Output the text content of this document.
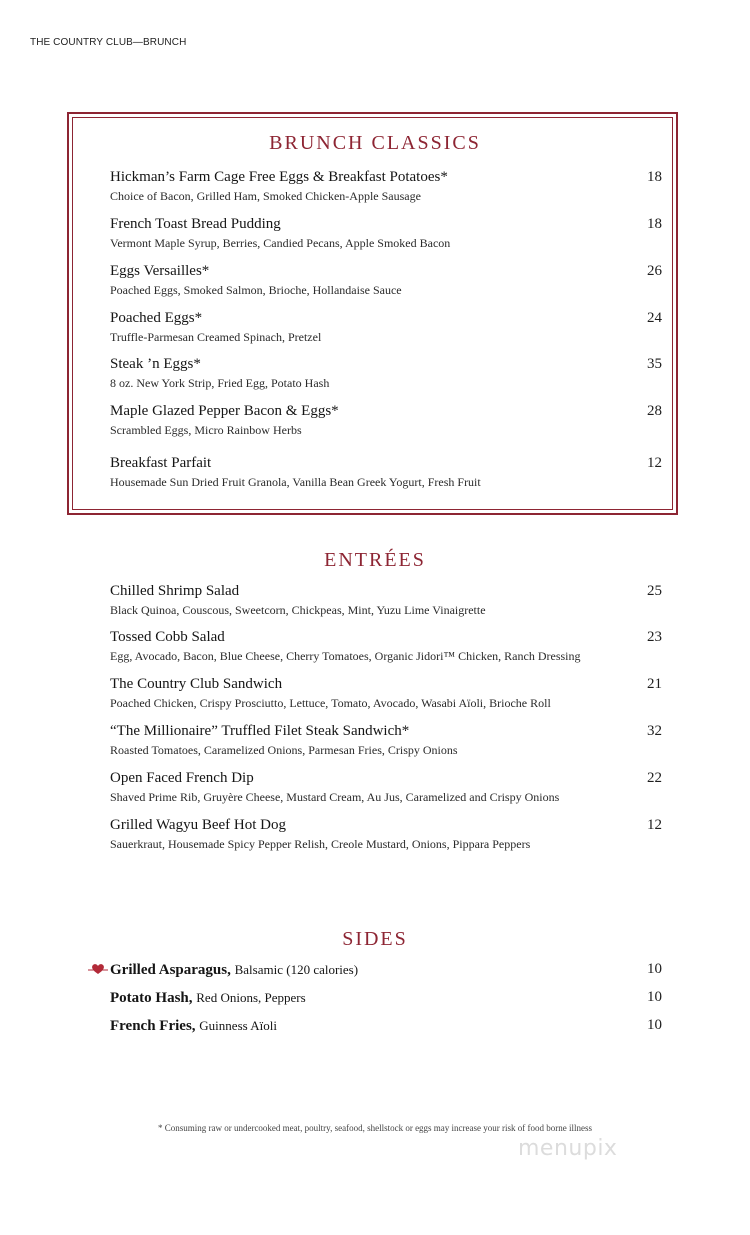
THE COUNTRY CLUB—BRUNCH
BRUNCH CLASSICS
Hickman’s Farm Cage Free Eggs & Breakfast Potatoes*
Choice of Bacon, Grilled Ham, Smoked Chicken-Apple Sausage
18
French Toast Bread Pudding
Vermont Maple Syrup, Berries, Candied Pecans, Apple Smoked Bacon
18
Eggs Versailles*
Poached Eggs, Smoked Salmon, Brioche, Hollandaise Sauce
26
Poached Eggs*
Truffle-Parmesan Creamed Spinach, Pretzel
24
Steak ’n Eggs*
8 oz. New York Strip, Fried Egg, Potato Hash
35
Maple Glazed Pepper Bacon & Eggs*
Scrambled Eggs, Micro Rainbow Herbs
28
Breakfast Parfait
Housemade Sun Dried Fruit Granola, Vanilla Bean Greek Yogurt, Fresh Fruit
12
ENTRÉES
Chilled Shrimp Salad
Black Quinoa, Couscous, Sweetcorn, Chickpeas, Mint, Yuzu Lime Vinaigrette
25
Tossed Cobb Salad
Egg, Avocado, Bacon, Blue Cheese, Cherry Tomatoes, Organic Jidori™ Chicken, Ranch Dressing
23
The Country Club Sandwich
Poached Chicken, Crispy Prosciutto, Lettuce, Tomato, Avocado, Wasabi Aïoli, Brioche Roll
21
“The Millionaire” Truffled Filet Steak Sandwich*
Roasted Tomatoes, Caramelized Onions, Parmesan Fries, Crispy Onions
32
Open Faced French Dip
Shaved Prime Rib, Gruyère Cheese, Mustard Cream, Au Jus, Caramelized and Crispy Onions
22
Grilled Wagyu Beef Hot Dog
Sauerkraut, Housemade Spicy Pepper Relish, Creole Mustard, Onions, Pippara Peppers
12
SIDES
Grilled Asparagus, Balsamic (120 calories)	10
Potato Hash, Red Onions, Peppers	10
French Fries, Guinness Aïoli	10
* Consuming raw or undercooked meat, poultry, seafood, shellstock or eggs may increase your risk of food borne illness
menupix
